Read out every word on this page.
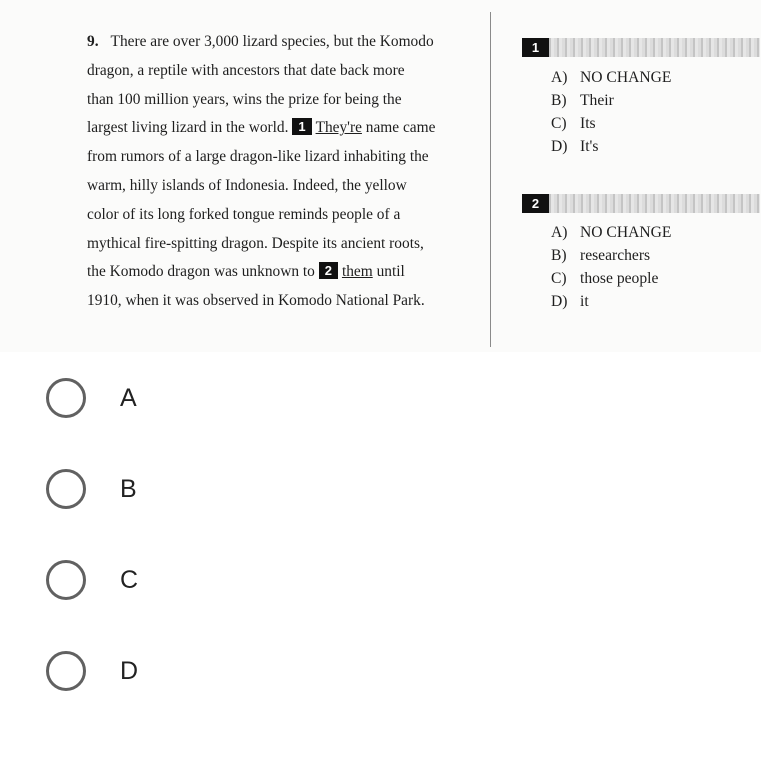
9. There are over 3,000 lizard species, but the Komodo
dragon, a reptile with ancestors that date back more
than 100 million years, wins the prize for being the
largest living lizard in the world. 1 They're name came
from rumors of a large dragon-like lizard inhabiting the
warm, hilly islands of Indonesia. Indeed, the yellow
color of its long forked tongue reminds people of a
mythical fire-spitting dragon. Despite its ancient roots,
the Komodo dragon was unknown to 2 them until
1910, when it was observed in Komodo National Park.
1
A) NO CHANGE
B) Their
C) Its
D) It's
2
A) NO CHANGE
B) researchers
C) those people
D) it
A
B
C
D
